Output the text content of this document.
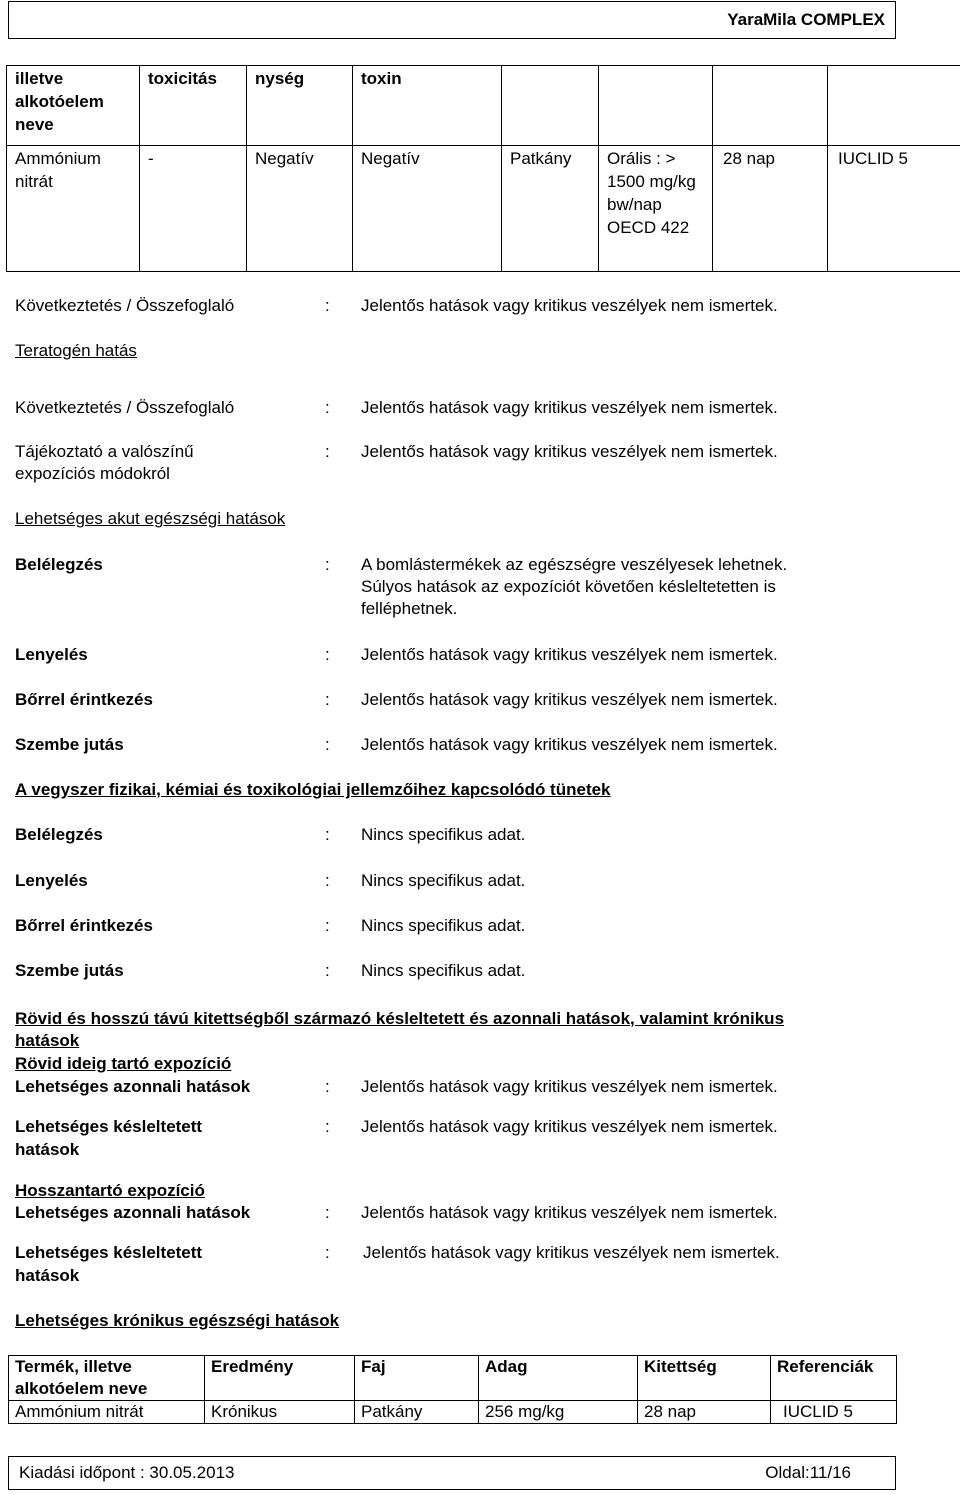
YaraMila COMPLEX
illetve alkotóelem neve	toxicitás	nység	toxin				
Ammónium nitrát	-	Negatív	Negatív	Patkány	Orális : > 1500 mg/kg bw/nap OECD 422	28 nap	IUCLID 5
Következtetés / Összefoglaló	: Jelentős hatások vagy kritikus veszélyek nem ismertek.
Teratogén hatás
Következtetés / Összefoglaló	: Jelentős hatások vagy kritikus veszélyek nem ismertek.
Tájékoztató a valószínű
expozíciós módokról
: Jelentős hatások vagy kritikus veszélyek nem ismertek.
Lehetséges akut egészségi hatások
Belélegzés	: A bomlástermékek az egészségre veszélyesek lehetnek.
Súlyos hatások az expozíciót követően késleltetetten is
felléphetnek.
Lenyelés	: Jelentős hatások vagy kritikus veszélyek nem ismertek.
Bőrrel érintkezés	: Jelentős hatások vagy kritikus veszélyek nem ismertek.
Szembe jutás	: Jelentős hatások vagy kritikus veszélyek nem ismertek.
A vegyszer fizikai, kémiai és toxikológiai jellemzőihez kapcsolódó tünetek
Belélegzés	: Nincs specifikus adat.
Lenyelés	: Nincs specifikus adat.
Bőrrel érintkezés	: Nincs specifikus adat.
Szembe jutás	: Nincs specifikus adat.
Rövid és hosszú távú kitettségből származó késleltetett és azonnali hatások, valamint krónikus
hatások
Rövid ideig tartó expozíció
Lehetséges azonnali hatások	: Jelentős hatások vagy kritikus veszélyek nem ismertek.
Lehetséges késleltetett
hatások
: Jelentős hatások vagy kritikus veszélyek nem ismertek.
Hosszantartó expozíció
Lehetséges azonnali hatások	: Jelentős hatások vagy kritikus veszélyek nem ismertek.
Lehetséges késleltetett
hatások
: Jelentős hatások vagy kritikus veszélyek nem ismertek.
Lehetséges krónikus egészségi hatások
Termék, illetve alkotóelem neve	Eredmény	Faj	Adag	Kitettség	Referenciák
Ammónium nitrát	Krónikus	Patkány	256 mg/kg	28 nap	IUCLID 5
Kiadási időpont : 30.05.2013	Oldal:11/16
